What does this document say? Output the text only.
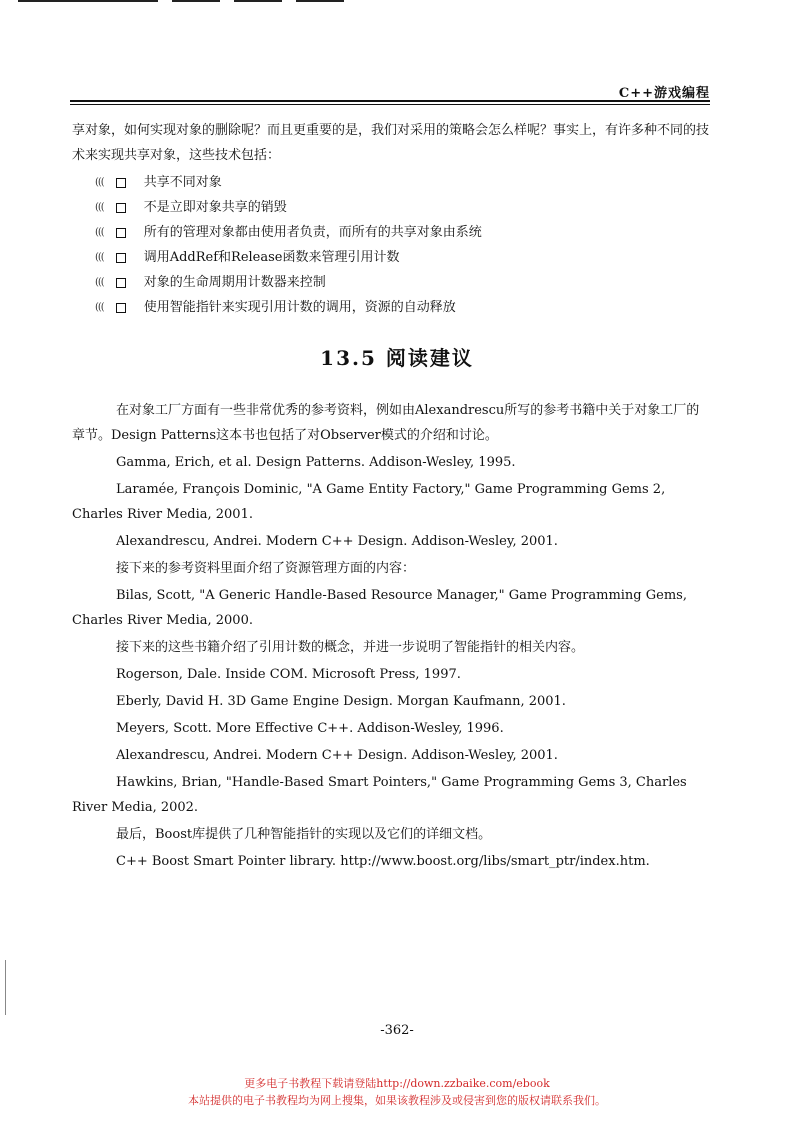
C++游戏编程
享对象，如何实现对象的删除呢？而且更重要的是，我们对采用的策略会怎么样呢？事实上，有许多种不同的技术来实现共享对象，这些技术包括：
(((	共享不同对象
(((	不是立即对象共享的销毁
(((	所有的管理对象都由使用者负责，而所有的共享对象由系统
(((	调用AddRef和Release函数来管理引用计数
(((	对象的生命周期用计数器来控制
(((	使用智能指针来实现引用计数的调用，资源的自动释放
13.5 阅读建议
在对象工厂方面有一些非常优秀的参考资料，例如由Alexandrescu所写的参考书籍中关于对象工厂的章节。Design Patterns这本书也包括了对Observer模式的介绍和讨论。
Gamma, Erich, et al. Design Patterns. Addison-Wesley, 1995.
Laramée, François Dominic, "A Game Entity Factory," Game Programming Gems 2, Charles River Media, 2001.
Alexandrescu, Andrei. Modern C++ Design. Addison-Wesley, 2001.
接下来的参考资料里面介绍了资源管理方面的内容：
Bilas, Scott, "A Generic Handle-Based Resource Manager," Game Programming Gems, Charles River Media, 2000.
接下来的这些书籍介绍了引用计数的概念，并进一步说明了智能指针的相关内容。
Rogerson, Dale. Inside COM. Microsoft Press, 1997.
Eberly, David H. 3D Game Engine Design. Morgan Kaufmann, 2001.
Meyers, Scott. More Effective C++. Addison-Wesley, 1996.
Alexandrescu, Andrei. Modern C++ Design. Addison-Wesley, 2001.
Hawkins, Brian, "Handle-Based Smart Pointers," Game Programming Gems 3, Charles River Media, 2002.
最后，Boost库提供了几种智能指针的实现以及它们的详细文档。
C++ Boost Smart Pointer library. http://www.boost.org/libs/smart_ptr/index.htm.
-362-
更多电子书教程下载请登陆http://down.zzbaike.com/ebook
本站提供的电子书教程均为网上搜集，如果该教程涉及或侵害到您的版权请联系我们。
